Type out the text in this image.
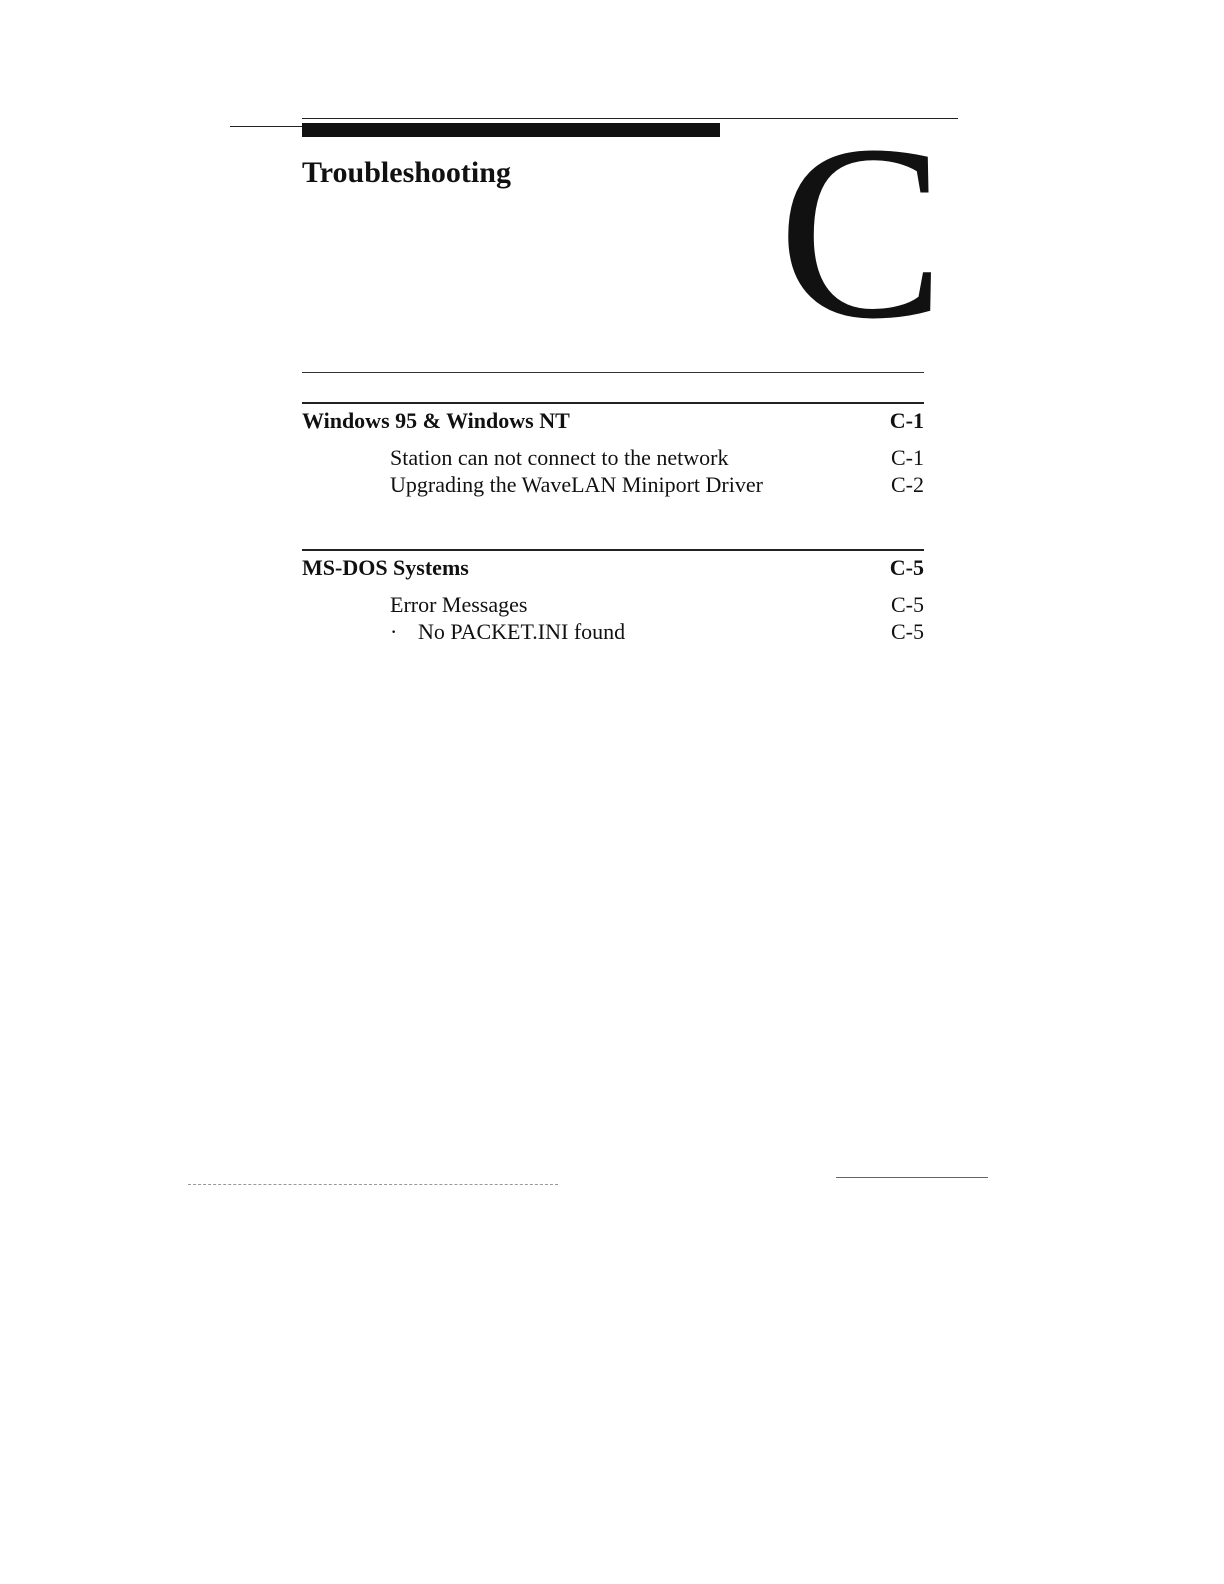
Troubleshooting C
Windows 95 & Windows NT	C-1
Station can not connect to the network	C-1
Upgrading the WaveLAN Miniport Driver	C-2
MS-DOS Systems	C-5
Error Messages	C-5
· No PACKET.INI found	C-5
